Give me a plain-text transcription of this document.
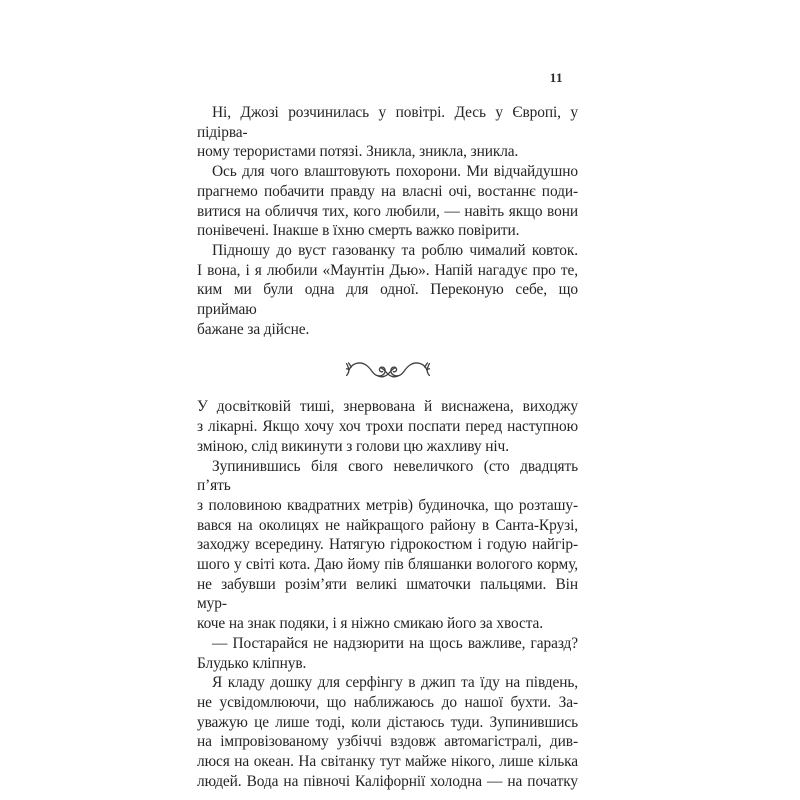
11
Ні, Джозі розчинилась у повітрі. Десь у Європі, у підірва-
ному терористами потязі. Зникла, зникла, зникла.
Ось для чого влаштовують похорони. Ми відчайдушно
прагнемо побачити правду на власні очі, востаннє поди-
витися на обличчя тих, кого любили, — навіть якщо вони
понівечені. Інакше в їхню смерть важко повірити.
Підношу до вуст газованку та роблю чималий ковток.
І вона, і я любили «Маунтін Дью». Напій нагадує про те,
ким ми були одна для одної. Переконую себе, що приймаю
бажане за дійсне.
У досвітковій тиші, знервована й виснажена, виходжу
з лікарні. Якщо хочу хоч трохи поспати перед наступною
зміною, слід викинути з голови цю жахливу ніч.
Зупинившись біля свого невеличкого (сто двадцять п’ять
з половиною квадратних метрів) будиночка, що розташу-
вався на околицях не найкращого району в Санта-Крузі,
заходжу всередину. Натягую гідрокостюм і годую найгір-
шого у світі кота. Даю йому пів бляшанки вологого корму,
не забувши розім’яти великі шматочки пальцями. Він мур-
коче на знак подяки, і я ніжно смикаю його за хвоста.
— Постарайся не надзюрити на щось важливе, гаразд?
Блудько кліпнув.
Я кладу дошку для серфінгу в джип та їду на південь,
не усвідомлюючи, що наближаюсь до нашої бухти. За-
уважую це лише тоді, коли дістаюсь туди. Зупинившись
на імпровізованому узбіччі вздовж автомагістралі, див-
люся на океан. На світанку тут майже нікого, лише кілька
людей. Вода на півночі Каліфорнії холодна — на початку
